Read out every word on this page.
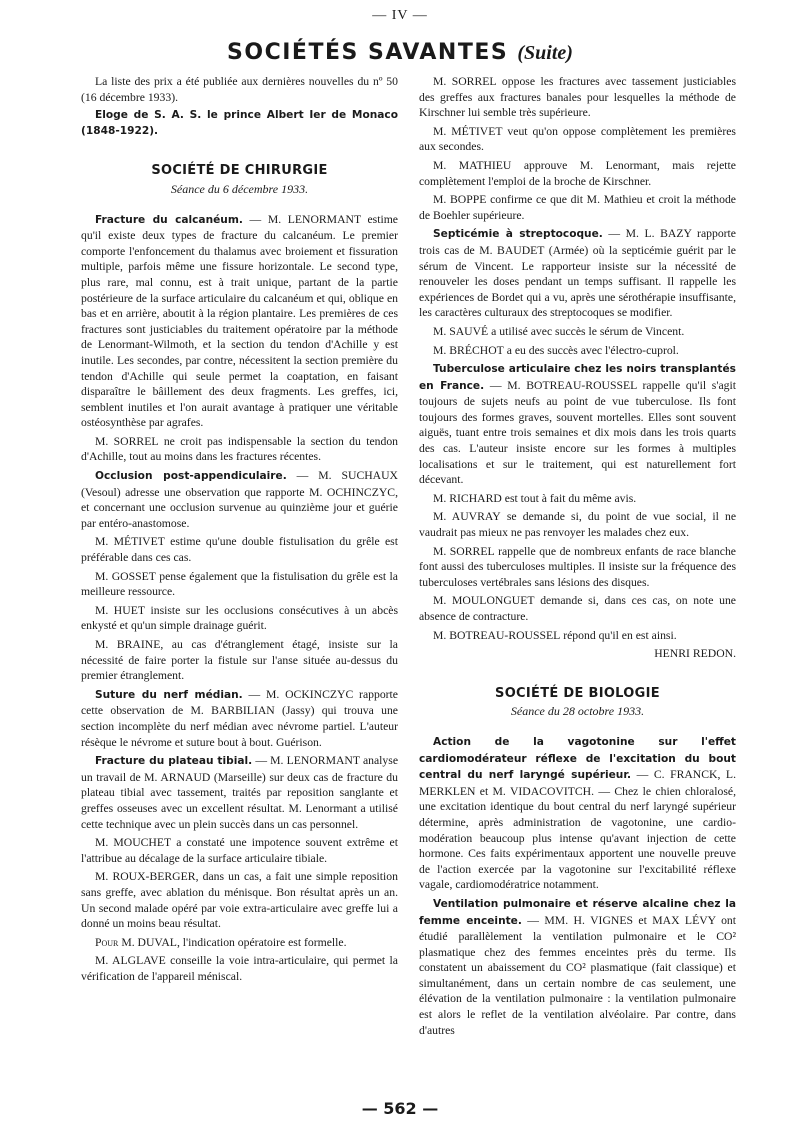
— IV —
SOCIÉTÉS SAVANTES (Suite)

La liste des prix a été publiée aux dernières nouvelles du nº 50 (16 décembre 1933).

Eloge de S. A. S. le prince Albert Ier de Monaco (1848-1922).

SOCIÉTÉ DE CHIRURGIE
Séance du 6 décembre 1933.

Fracture du calcanéum. — M. LENORMANT estime qu'il existe deux types de fracture du calcanéum. Le premier comporte l'enfoncement du thalamus avec broiement et fissuration multiple, parfois même une fissure horizontale. Le second type, plus rare, mal connu, est à trait unique, partant de la partie postérieure de la surface articulaire du calcanéum et qui, oblique en bas et en arrière, aboutit à la région plantaire. Les premières de ces fractures sont justiciables du traitement opératoire par la méthode de Lenormant-Wilmoth, et la section du tendon d'Achille y est inutile. Les secondes, par contre, nécessitent la section première du tendon d'Achille qui seule permet la coaptation, en faisant disparaître le bâillement des deux fragments. Les greffes, ici, semblent inutiles et l'on aurait avantage à pratiquer une véritable ostéosynthèse par agrafes.

M. SORREL ne croit pas indispensable la section du tendon d'Achille, tout au moins dans les fractures récentes.

Occlusion post-appendiculaire. — M. SUCHAUX (Vesoul) adresse une observation que rapporte M. OCHINCZYC, et concernant une occlusion survenue au quinzième jour et guérie par entéro-anastomose.

M. MÉTIVET estime qu'une double fistulisation du grêle est préférable dans ces cas.

M. GOSSET pense également que la fistulisation du grêle est la meilleure ressource.

M. HUET insiste sur les occlusions consécutives à un abcès enkysté et qu'un simple drainage guérit.

M. BRAINE, au cas d'étranglement étagé, insiste sur la nécessité de faire porter la fistule sur l'anse située au-dessus du premier étranglement.

Suture du nerf médian. — M. OCKINCZYC rapporte cette observation de M. BARBILIAN (Jassy) qui trouva une section incomplète du nerf médian avec névrome partiel. L'auteur résèque le névrome et suture bout à bout. Guérison.

Fracture du plateau tibial. — M. LENORMANT analyse un travail de M. ARNAUD (Marseille) sur deux cas de fracture du plateau tibial avec tassement, traités par reposition sanglante et greffes osseuses avec un excellent résultat. M. Lenormant a utilisé cette technique avec un plein succès dans un cas personnel.

M. MOUCHET a constaté une impotence souvent extrême et l'attribue au décalage de la surface articulaire tibiale.

M. ROUX-BERGER, dans un cas, a fait une simple reposition sans greffe, avec ablation du ménisque. Bon résultat après un an. Un second malade opéré par voie extra-articulaire avec greffe lui a donné un moins beau résultat.

Pour M. DUVAL, l'indication opératoire est formelle.

M. ALGLAVE conseille la voie intra-articulaire, qui permet la vérification de l'appareil méniscal.

M. SORREL oppose les fractures avec tassement justiciables des greffes aux fractures banales pour lesquelles la méthode de Kirschner lui semble très supérieure.

M. MÉTIVET veut qu'on oppose complètement les premières aux secondes.

M. MATHIEU approuve M. Lenormant, mais rejette complètement l'emploi de la broche de Kirschner.

M. BOPPE confirme ce que dit M. Mathieu et croit la méthode de Boehler supérieure.

Septicémie à streptocoque. — M. L. BAZY rapporte trois cas de M. BAUDET (Armée) où la septicémie guérit par le sérum de Vincent. Le rapporteur insiste sur la nécessité de renouveler les doses pendant un temps suffisant. Il rappelle les expériences de Bordet qui a vu, après une sérothérapie insuffisante, les caractères culturaux des streptocoques se modifier.

M. SAUVÉ a utilisé avec succès le sérum de Vincent.

M. BRÉCHOT a eu des succès avec l'électro-cuprol.

Tuberculose articulaire chez les noirs transplantés en France. — M. BOTREAU-ROUSSEL rappelle qu'il s'agit toujours de sujets neufs au point de vue tuberculose. Ils font toujours des formes graves, souvent mortelles. Elles sont souvent aiguës, tuant entre trois semaines et dix mois dans les trois quarts des cas. L'auteur insiste encore sur les formes à multiples localisations et sur le traitement, qui est naturellement fort décevant.

M. RICHARD est tout à fait du même avis.

M. AUVRAY se demande si, du point de vue social, il ne vaudrait pas mieux ne pas renvoyer les malades chez eux.

M. SORREL rappelle que de nombreux enfants de race blanche font aussi des tuberculoses multiples. Il insiste sur la fréquence des tuberculoses vertébrales sans lésions des disques.

M. MOULONGUET demande si, dans ces cas, on note une absence de contracture.

M. BOTREAU-ROUSSEL répond qu'il en est ainsi.

HENRI REDON.
SOCIÉTÉ DE BIOLOGIE
Séance du 28 octobre 1933.

Action de la vagotonine sur l'effet cardiomodérateur réflexe de l'excitation du bout central du nerf laryngé supérieur. — C. FRANCK, L. MERKLEN et M. VIDACOVITCH. — Chez le chien chloralosé, une excitation identique du bout central du nerf laryngé supérieur détermine, après administration de vagotonine, une cardio-modération beaucoup plus intense qu'avant injection de cette hormone. Ces faits expérimentaux apportent une nouvelle preuve de l'action exercée par la vagotonine sur l'excitabilité réflexe vagale, cardiomodératrice notamment.

Ventilation pulmonaire et réserve alcaline chez la femme enceinte. — MM. H. VIGNES et MAX LÉVY ont étudié parallèlement la ventilation pulmonaire et le CO² plasmatique chez des femmes enceintes près du terme. Ils constatent un abaissement du CO² plasmatique (fait classique) et simultanément, dans un certain nombre de cas seulement, une élévation de la ventilation pulmonaire : la ventilation pulmonaire est alors le reflet de la ventilation alvéolaire. Par contre, dans d'autres

— 562 —
